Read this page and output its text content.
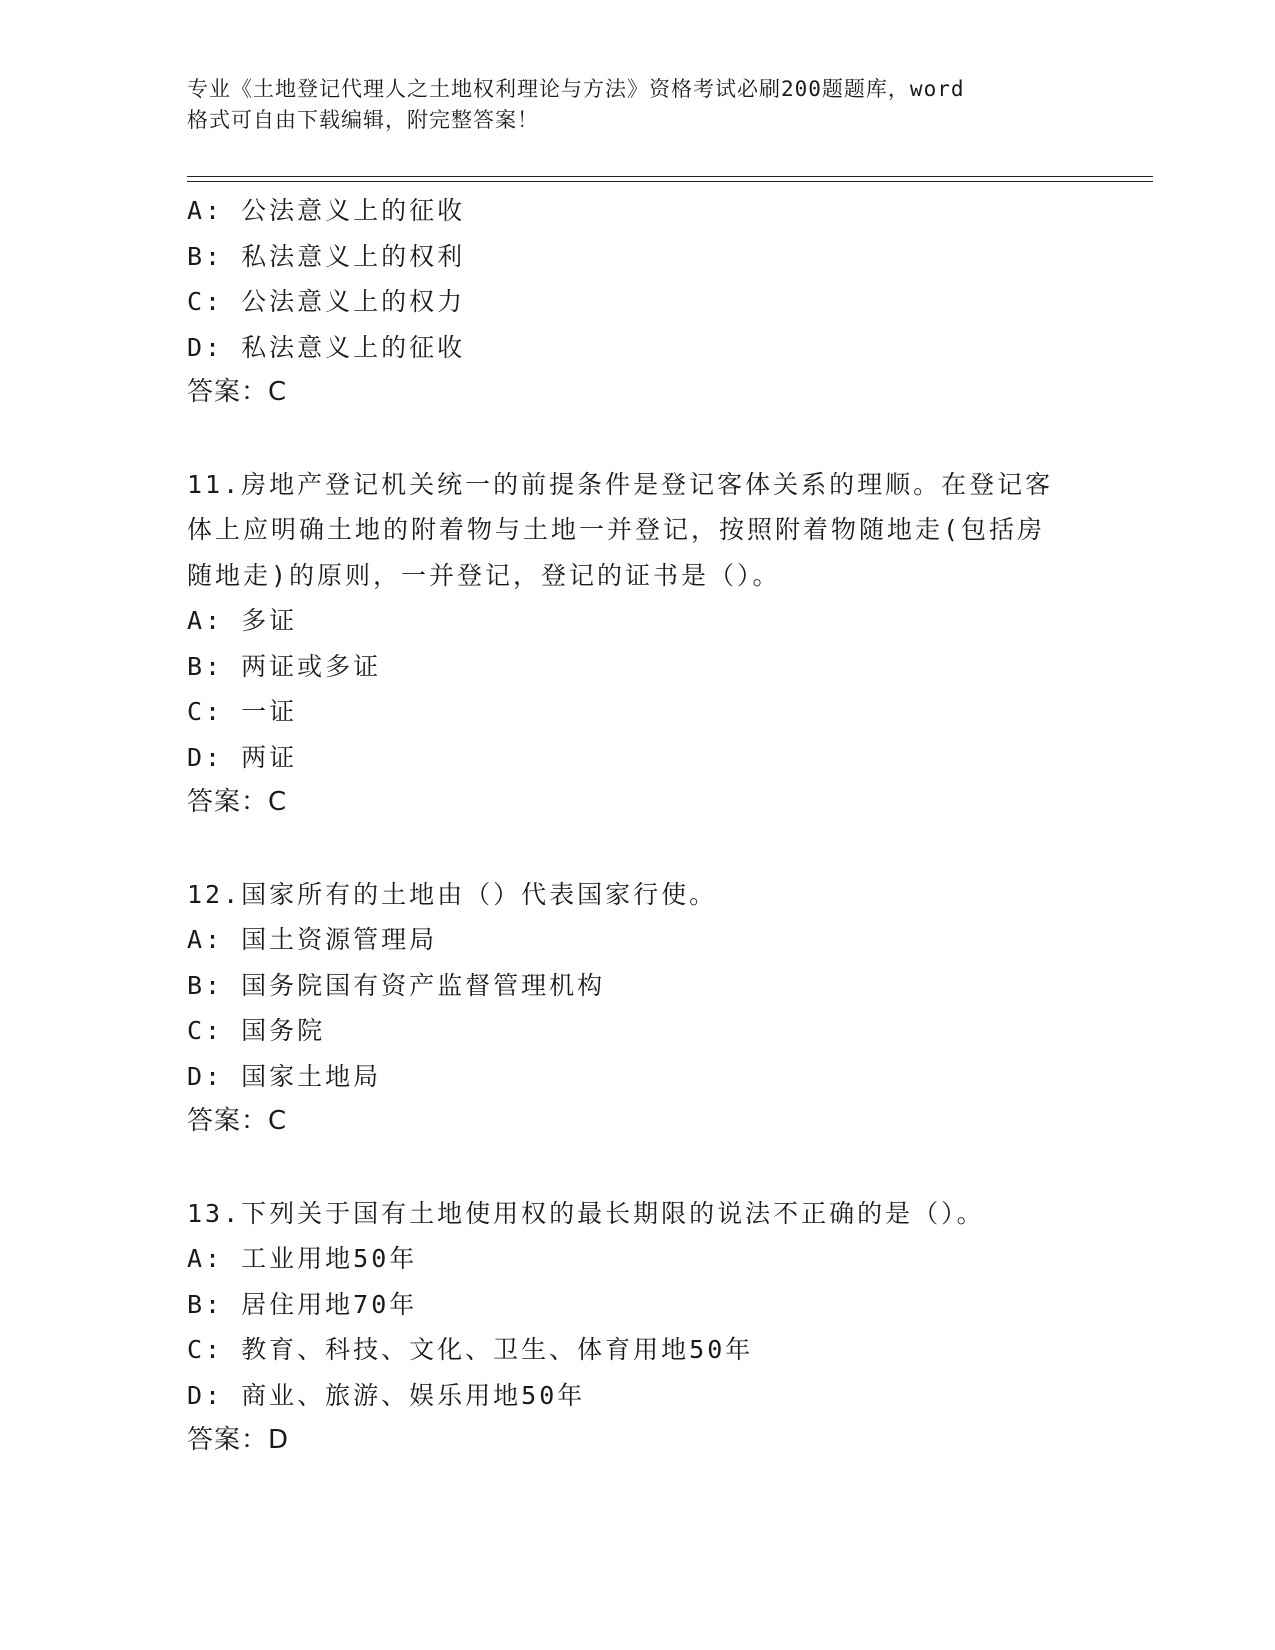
专业《土地登记代理人之土地权利理论与方法》资格考试必刷200题题库，word
格式可自由下载编辑，附完整答案！
A: 公法意义上的征收
B: 私法意义上的权利
C: 公法意义上的权力
D: 私法意义上的征收
答案：C
11.房地产登记机关统一的前提条件是登记客体关系的理顺。在登记客体上应明确土地的附着物与土地一并登记，按照附着物随地走(包括房随地走)的原则，一并登记，登记的证书是（）。
A: 多证
B: 两证或多证
C: 一证
D: 两证
答案：C
12.国家所有的土地由（）代表国家行使。
A: 国土资源管理局
B: 国务院国有资产监督管理机构
C: 国务院
D: 国家土地局
答案：C
13.下列关于国有土地使用权的最长期限的说法不正确的是（）。
A: 工业用地50年
B: 居住用地70年
C: 教育、科技、文化、卫生、体育用地50年
D: 商业、旅游、娱乐用地50年
答案：D
